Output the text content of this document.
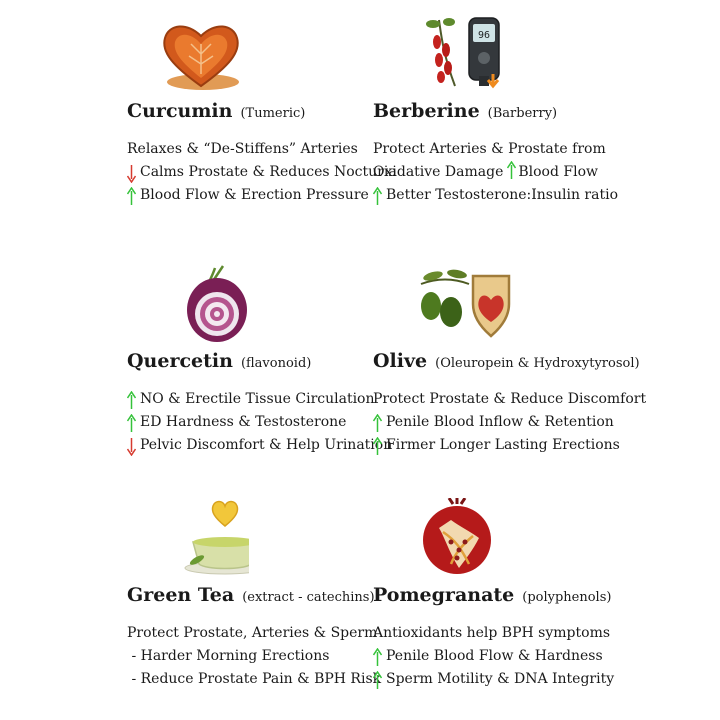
Curcumin (Tumeric)
Relaxes & “De-Stiffens” Arteries
Calms Prostate & Reduces Nocturia
Blood Flow & Erection Pressure
96
Berberine (Barberry)
Protect Arteries & Prostate from
Oxidative Damage Blood Flow
Better Testosterone:Insulin ratio
Quercetin (flavonoid)
NO & Erectile Tissue Circulation
ED Hardness & Testosterone
Pelvic Discomfort & Help Urination
Olive (Oleuropein & Hydroxytyrosol)
Protect Prostate & Reduce Discomfort
Penile Blood Inflow & Retention
Firmer Longer Lasting Erections
Green Tea (extract - catechins)
Protect Prostate, Arteries & Sperm
- Harder Morning Erections
- Reduce Prostate Pain & BPH Risk
Pomegranate (polyphenols)
Antioxidants help BPH symptoms
Penile Blood Flow & Hardness
Sperm Motility & DNA Integrity
